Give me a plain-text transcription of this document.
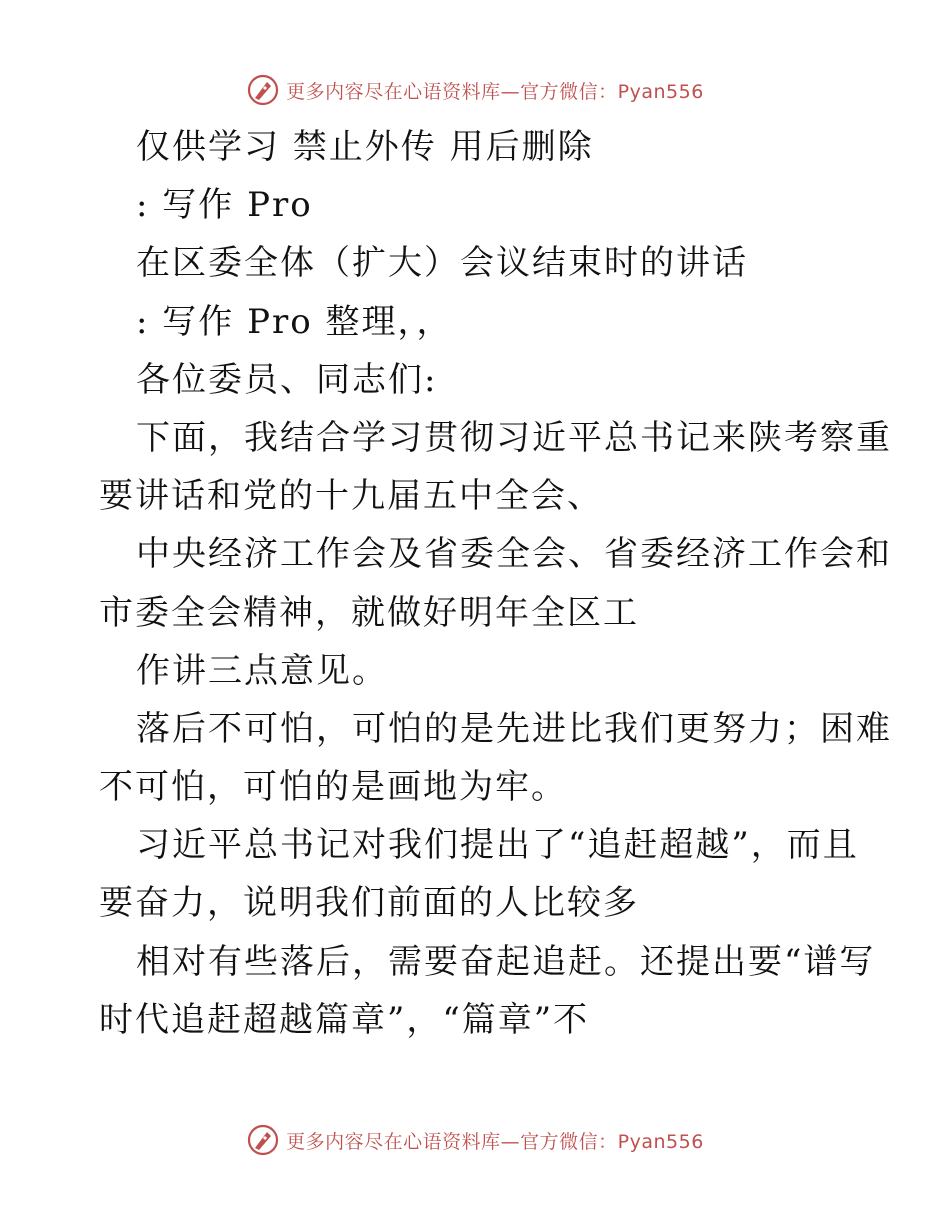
更多内容尽在心语资料库—官方微信：Pyan556
仅供学习 禁止外传 用后删除
: 写作 Pro
在区委全体（扩大）会议结束时的讲话
: 写作 Pro 整理，，
各位委员、同志们:
下面，我结合学习贯彻习近平总书记来陕考察重
要讲话和党的十九届五中全会、
中央经济工作会及省委全会、省委经济工作会和
市委全会精神，就做好明年全区工
作讲三点意见。
落后不可怕，可怕的是先进比我们更努力；困难
不可怕，可怕的是画地为牢。
习近平总书记对我们提出了“追赶超越”，而且
要奋力，说明我们前面的人比较多
相对有些落后，需要奋起追赶。还提出要“谱写
时代追赶超越篇章”，“篇章”不
更多内容尽在心语资料库—官方微信：Pyan556
